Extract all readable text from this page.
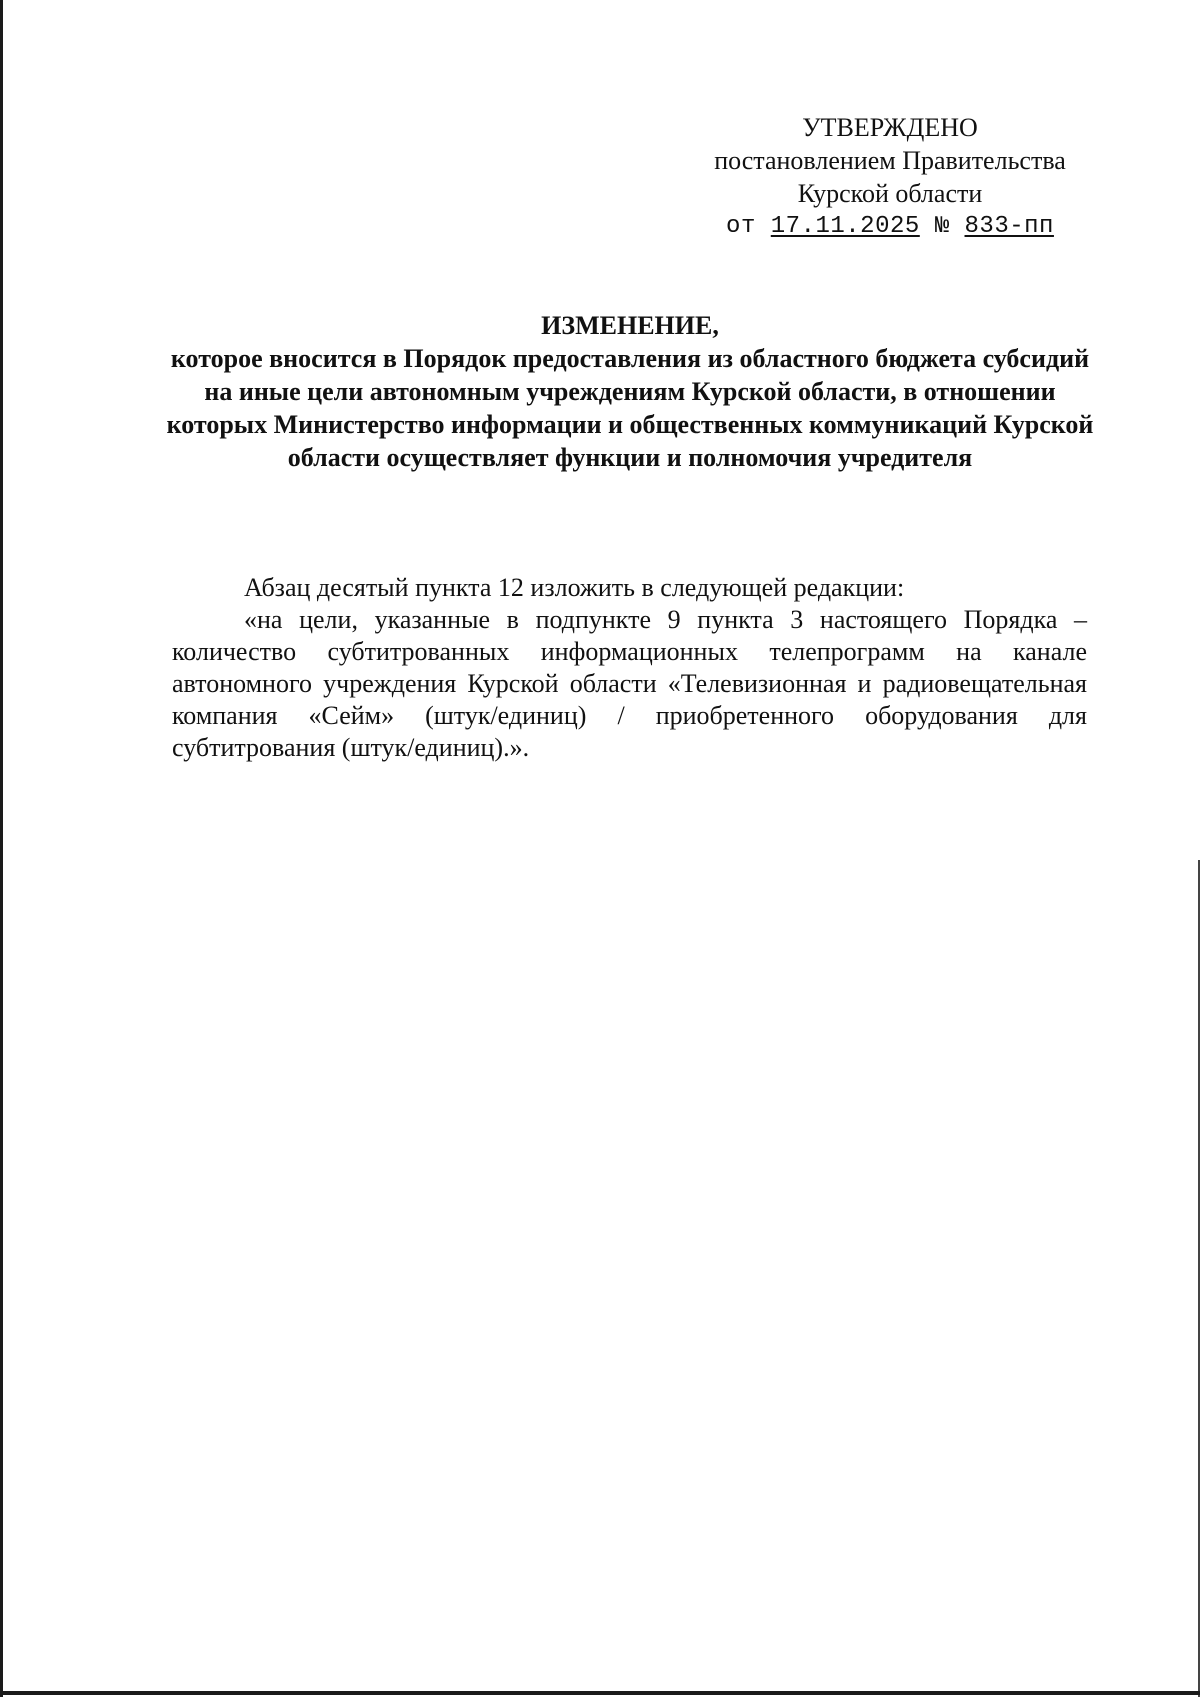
УТВЕРЖДЕНО
постановлением Правительства
Курской области
от 17.11.2025 № 833-пп
ИЗМЕНЕНИЕ,
которое вносится в Порядок предоставления из областного бюджета субсидий на иные цели автономным учреждениям Курской области, в отношении которых Министерство информации и общественных коммуникаций Курской области осуществляет функции и полномочия учредителя

Абзац десятый пункта 12 изложить в следующей редакции:

«на цели, указанные в подпункте 9 пункта 3 настоящего Порядка – количество субтитрованных информационных телепрограмм на канале автономного учреждения Курской области «Телевизионная и радиовещательная компания «Сейм» (штук/единиц) / приобретенного оборудования для субтитрования (штук/единиц).».
